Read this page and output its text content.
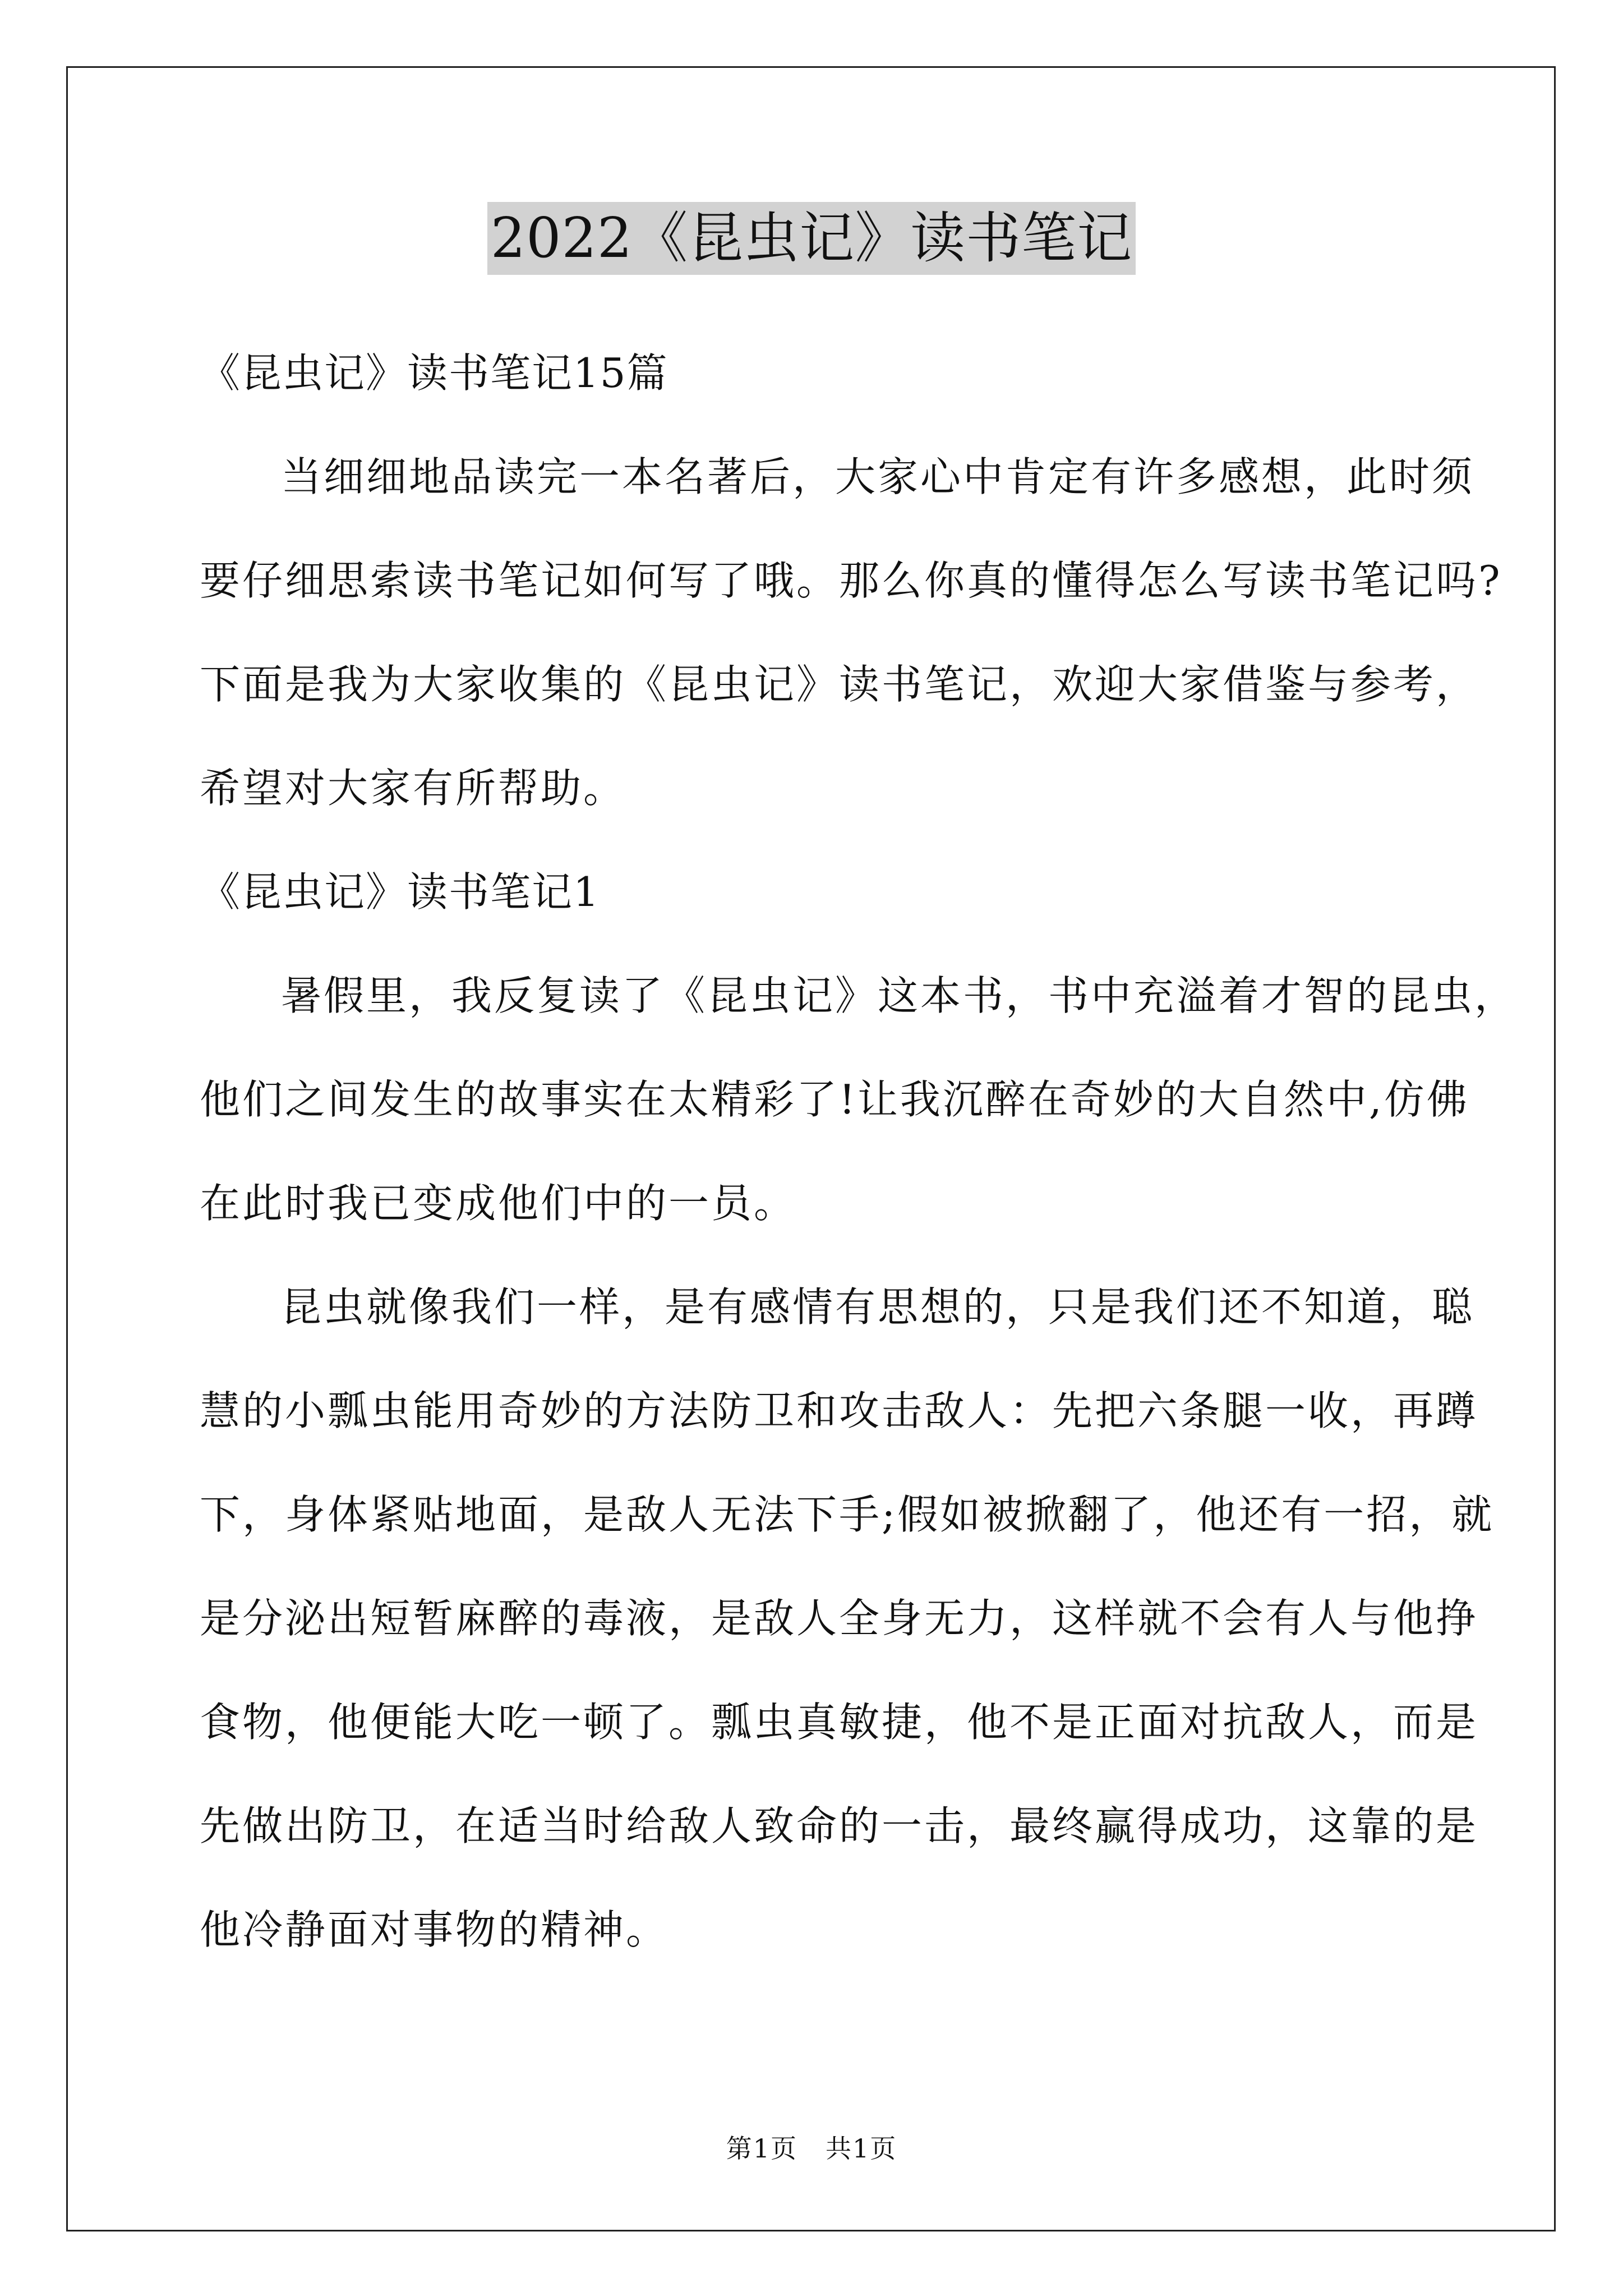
2022《昆虫记》读书笔记
《昆虫记》读书笔记15篇
当细细地品读完一本名著后，大家心中肯定有许多感想，此时须
要仔细思索读书笔记如何写了哦。那么你真的懂得怎么写读书笔记吗?
下面是我为大家收集的《昆虫记》读书笔记，欢迎大家借鉴与参考，
希望对大家有所帮助。
《昆虫记》读书笔记1
暑假里，我反复读了《昆虫记》这本书，书中充溢着才智的昆虫，
他们之间发生的故事实在太精彩了!让我沉醉在奇妙的大自然中,仿佛
在此时我已变成他们中的一员。
昆虫就像我们一样，是有感情有思想的，只是我们还不知道，聪
慧的小瓢虫能用奇妙的方法防卫和攻击敌人：先把六条腿一收，再蹲
下，身体紧贴地面，是敌人无法下手;假如被掀翻了，他还有一招，就
是分泌出短暂麻醉的毒液，是敌人全身无力，这样就不会有人与他挣
食物，他便能大吃一顿了。瓢虫真敏捷，他不是正面对抗敌人，而是
先做出防卫，在适当时给敌人致命的一击，最终赢得成功，这靠的是
他冷静面对事物的精神。
第1页 共1页
